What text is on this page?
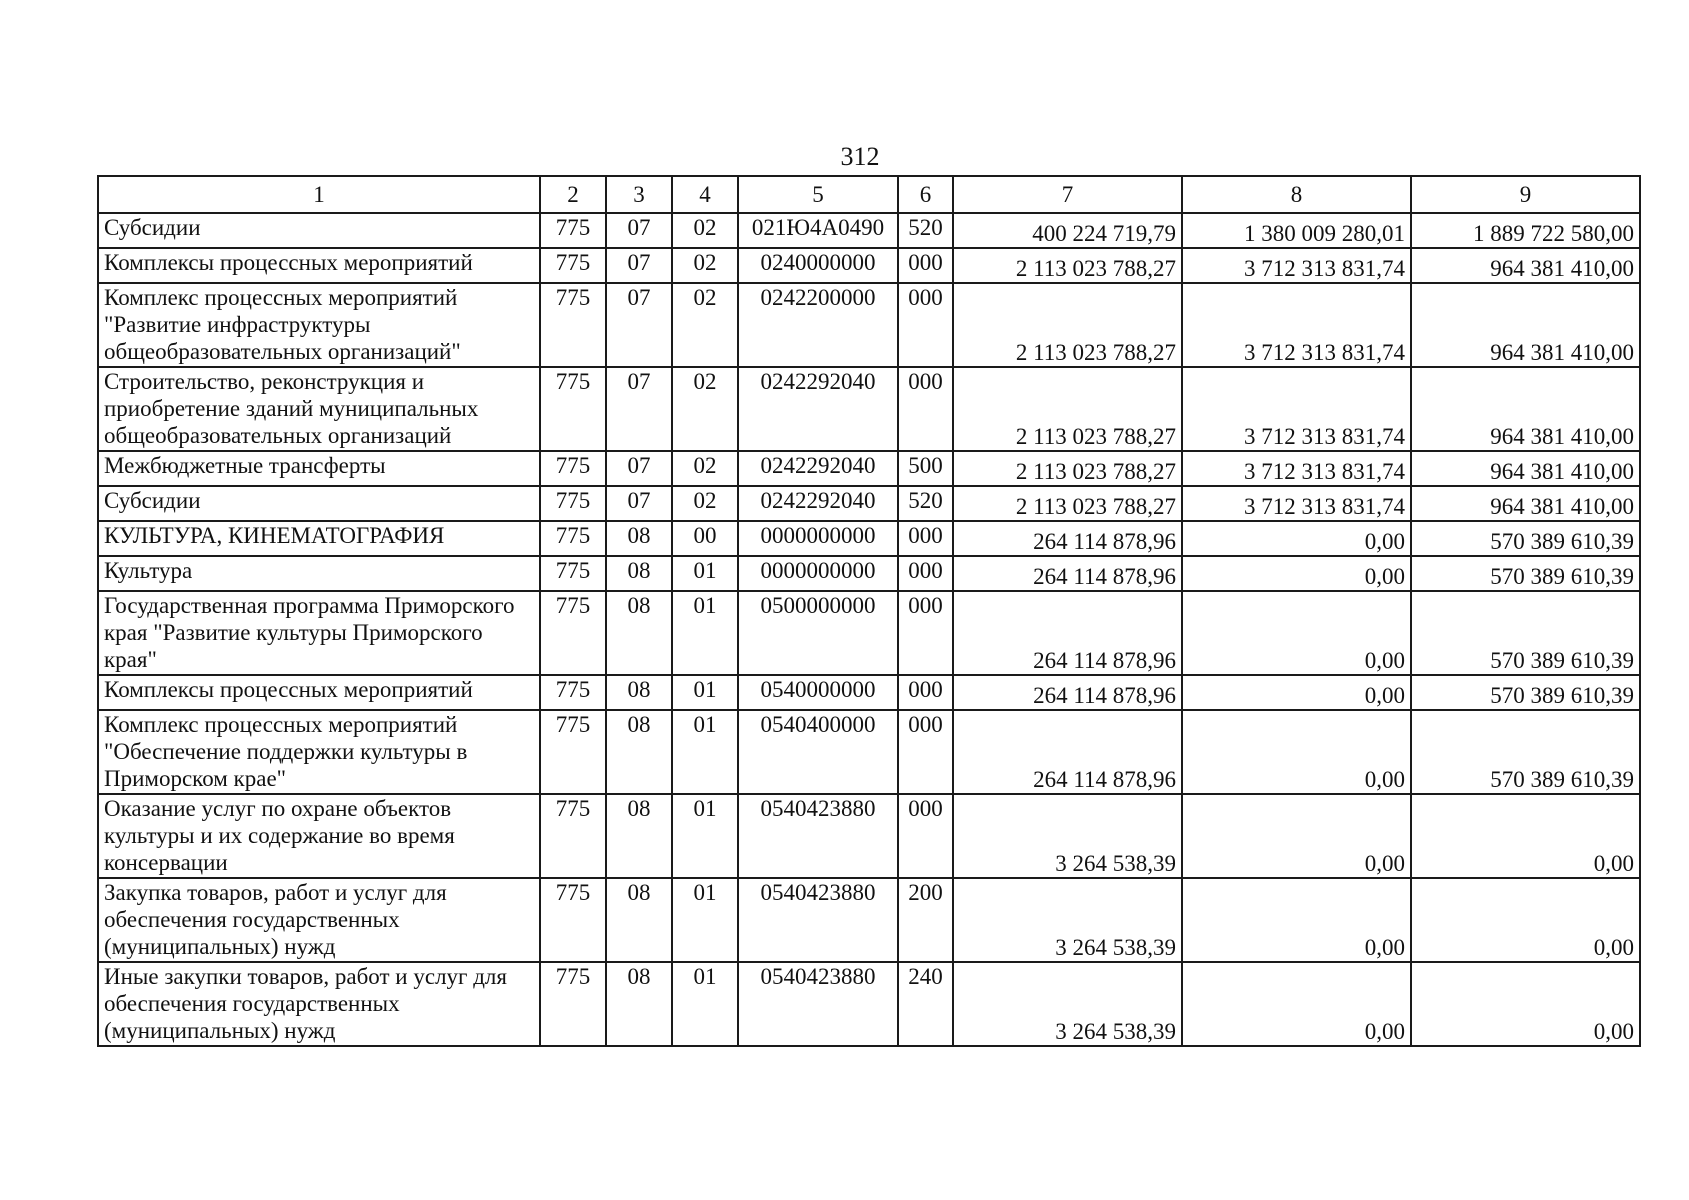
312
1	2	3	4	5	6	7	8	9
Субсидии	775	07	02	021Ю4А0490	520	400 224 719,79	1 380 009 280,01	1 889 722 580,00
Комплексы процессных мероприятий	775	07	02	0240000000	000	2 113 023 788,27	3 712 313 831,74	964 381 410,00
Комплекс процессных мероприятий "Развитие инфраструктуры общеобразовательных организаций"	775	07	02	0242200000	000	2 113 023 788,27	3 712 313 831,74	964 381 410,00
Строительство, реконструкция и приобретение зданий муниципальных общеобразовательных организаций	775	07	02	0242292040	000	2 113 023 788,27	3 712 313 831,74	964 381 410,00
Межбюджетные трансферты	775	07	02	0242292040	500	2 113 023 788,27	3 712 313 831,74	964 381 410,00
Субсидии	775	07	02	0242292040	520	2 113 023 788,27	3 712 313 831,74	964 381 410,00
КУЛЬТУРА, КИНЕМАТОГРАФИЯ	775	08	00	0000000000	000	264 114 878,96	0,00	570 389 610,39
Культура	775	08	01	0000000000	000	264 114 878,96	0,00	570 389 610,39
Государственная программа Приморского края "Развитие культуры Приморского края"	775	08	01	0500000000	000	264 114 878,96	0,00	570 389 610,39
Комплексы процессных мероприятий	775	08	01	0540000000	000	264 114 878,96	0,00	570 389 610,39
Комплекс процессных мероприятий "Обеспечение поддержки культуры в Приморском крае"	775	08	01	0540400000	000	264 114 878,96	0,00	570 389 610,39
Оказание услуг по охране объектов культуры и их содержание во время консервации	775	08	01	0540423880	000	3 264 538,39	0,00	0,00
Закупка товаров, работ и услуг для обеспечения государственных (муниципальных) нужд	775	08	01	0540423880	200	3 264 538,39	0,00	0,00
Иные закупки товаров, работ и услуг для обеспечения государственных (муниципальных) нужд	775	08	01	0540423880	240	3 264 538,39	0,00	0,00
